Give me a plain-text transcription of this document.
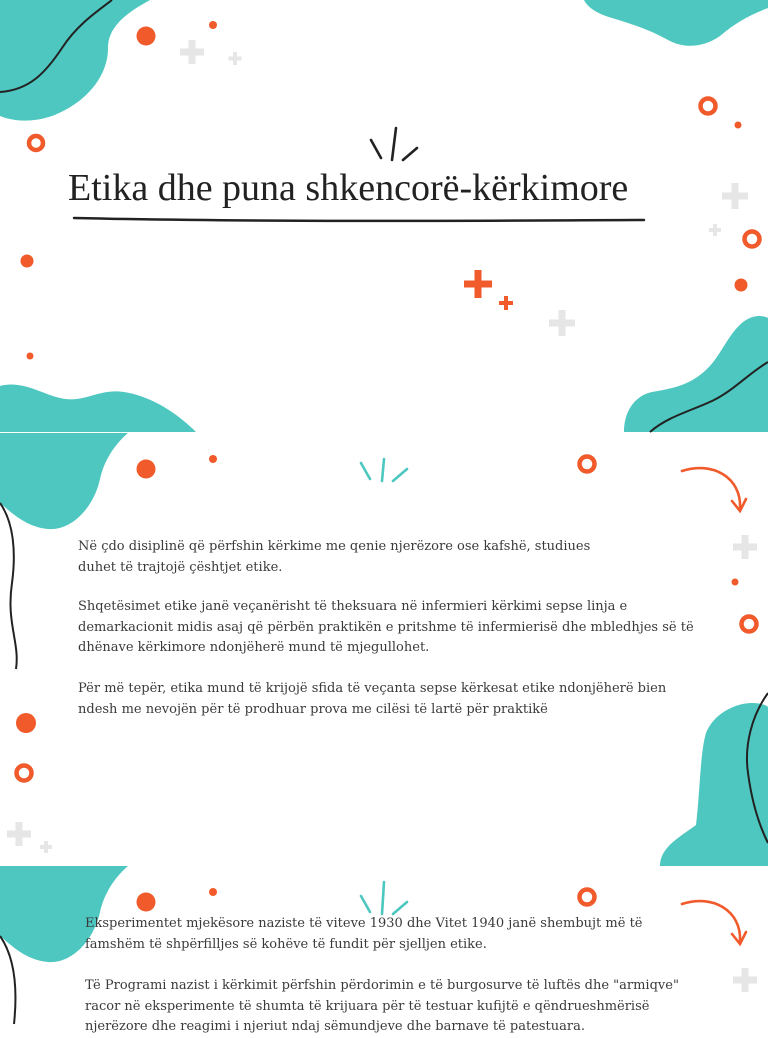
Etika dhe puna shkencorë-kërkimore

Në çdo disiplinë që përfshin kërkime me qenie njerëzore ose kafshë, studiues duhet të trajtojë çështjet etike.

Shqetësimet etike janë veçanërisht të theksuara në infermieri kërkimi sepse linja e demarkacionit midis asaj që përbën praktikën e pritshme të infermierisë dhe mbledhjes së të dhënave kërkimore ndonjëherë mund të mjegullohet.

Për më tepër, etika mund të krijojë sfida të veçanta sepse kërkesat etike ndonjëherë bien ndesh me nevojën për të prodhuar prova me cilësi të lartë për praktikë

Eksperimentet mjekësore naziste të viteve 1930 dhe Vitet 1940 janë shembujt më të famshëm të shpërfilljes së kohëve të fundit për sjelljen etike.

Të Programi nazist i kërkimit përfshin përdorimin e të burgosurve të luftës dhe "armiqve" racor në eksperimente të shumta të krijuara për të testuar kufijtë e qëndrueshmërisë njerëzore dhe reagimi i njeriut ndaj sëmundjeve dhe barnave të patestuara.
